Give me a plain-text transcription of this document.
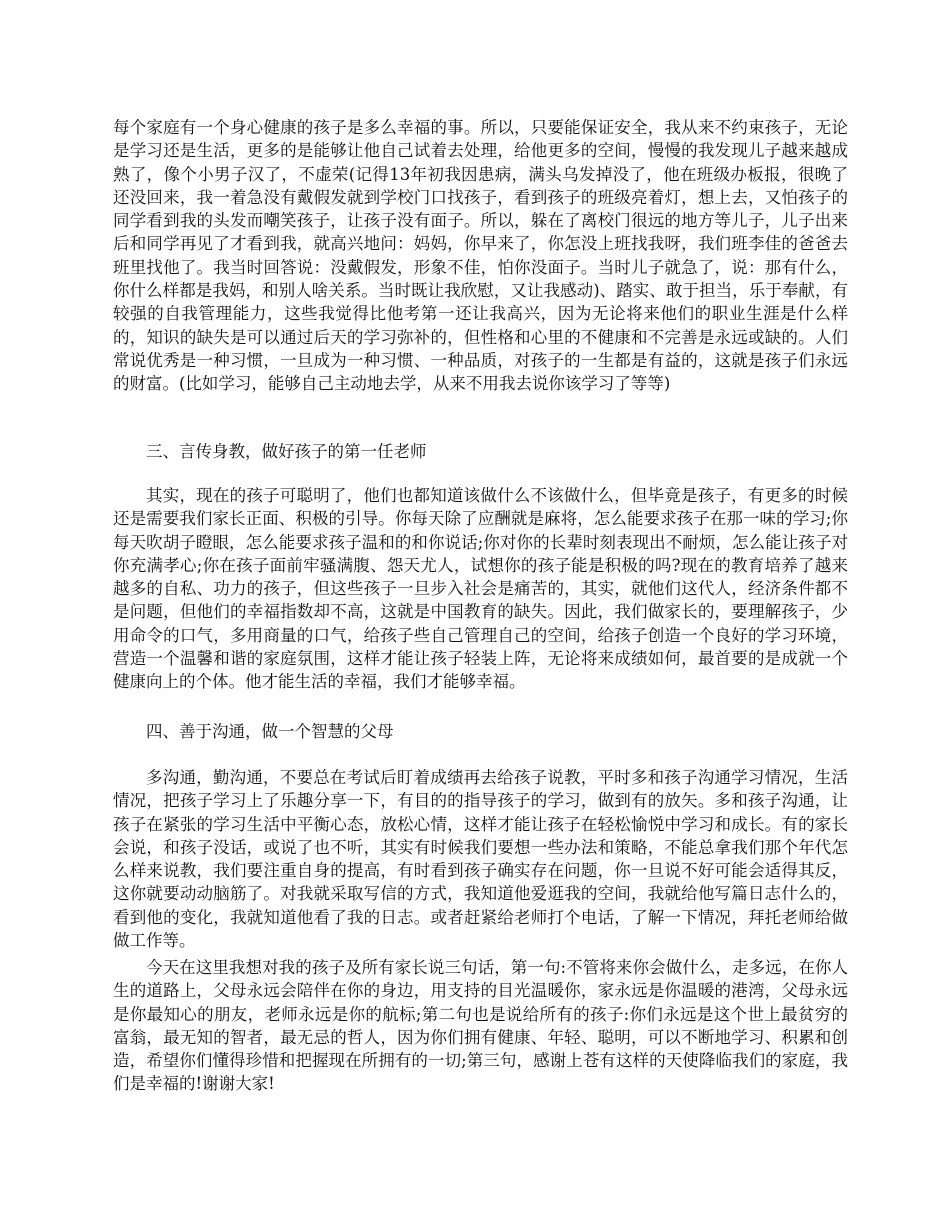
每个家庭有一个身心健康的孩子是多么幸福的事。所以，只要能保证安全，我从来不约束孩子，无论是学习还是生活，更多的是能够让他自己试着去处理，给他更多的空间，慢慢的我发现儿子越来越成熟了，像个小男子汉了，不虚荣(记得13年初我因患病，满头乌发掉没了，他在班级办板报，很晚了还没回来，我一着急没有戴假发就到学校门口找孩子，看到孩子的班级亮着灯，想上去，又怕孩子的同学看到我的头发而嘲笑孩子，让孩子没有面子。所以，躲在了离校门很远的地方等儿子，儿子出来后和同学再见了才看到我，就高兴地问：妈妈，你早来了，你怎没上班找我呀，我们班李佳的爸爸去班里找他了。我当时回答说：没戴假发，形象不佳，怕你没面子。当时儿子就急了，说：那有什么，你什么样都是我妈，和别人啥关系。当时既让我欣慰，又让我感动)、踏实、敢于担当，乐于奉献，有较强的自我管理能力，这些我觉得比他考第一还让我高兴，因为无论将来他们的职业生涯是什么样的，知识的缺失是可以通过后天的学习弥补的，但性格和心里的不健康和不完善是永远或缺的。人们常说优秀是一种习惯，一旦成为一种习惯、一种品质，对孩子的一生都是有益的，这就是孩子们永远的财富。(比如学习，能够自己主动地去学，从来不用我去说你该学习了等等)

三、言传身教，做好孩子的第一任老师

其实，现在的孩子可聪明了，他们也都知道该做什么不该做什么，但毕竟是孩子，有更多的时候还是需要我们家长正面、积极的引导。你每天除了应酬就是麻将，怎么能要求孩子在那一味的学习;你每天吹胡子瞪眼，怎么能要求孩子温和的和你说话;你对你的长辈时刻表现出不耐烦，怎么能让孩子对你充满孝心;你在孩子面前牢骚满腹、怨天尤人，试想你的孩子能是积极的吗?现在的教育培养了越来越多的自私、功力的孩子，但这些孩子一旦步入社会是痛苦的，其实，就他们这代人，经济条件都不是问题，但他们的幸福指数却不高，这就是中国教育的缺失。因此，我们做家长的，要理解孩子，少用命令的口气，多用商量的口气，给孩子些自己管理自己的空间，给孩子创造一个良好的学习环境，营造一个温馨和谐的家庭氛围，这样才能让孩子轻装上阵，无论将来成绩如何，最首要的是成就一个健康向上的个体。他才能生活的幸福，我们才能够幸福。

四、善于沟通，做一个智慧的父母

多沟通，勤沟通，不要总在考试后盯着成绩再去给孩子说教，平时多和孩子沟通学习情况，生活情况，把孩子学习上了乐趣分享一下，有目的的指导孩子的学习，做到有的放矢。多和孩子沟通，让孩子在紧张的学习生活中平衡心态，放松心情，这样才能让孩子在轻松愉悦中学习和成长。有的家长会说，和孩子没话，或说了也不听，其实有时候我们要想一些办法和策略，不能总拿我们那个年代怎么样来说教，我们要注重自身的提高，有时看到孩子确实存在问题，你一旦说不好可能会适得其反，这你就要动动脑筋了。对我就采取写信的方式，我知道他爱逛我的空间，我就给他写篇日志什么的，看到他的变化，我就知道他看了我的日志。或者赶紧给老师打个电话，了解一下情况，拜托老师给做做工作等。

今天在这里我想对我的孩子及所有家长说三句话，第一句:不管将来你会做什么，走多远，在你人生的道路上，父母永远会陪伴在你的身边，用支持的目光温暖你，家永远是你温暖的港湾，父母永远是你最知心的朋友，老师永远是你的航标;第二句也是说给所有的孩子:你们永远是这个世上最贫穷的富翁，最无知的智者，最无忌的哲人，因为你们拥有健康、年轻、聪明，可以不断地学习、积累和创造，希望你们懂得珍惜和把握现在所拥有的一切;第三句，感谢上苍有这样的天使降临我们的家庭，我们是幸福的!谢谢大家!
